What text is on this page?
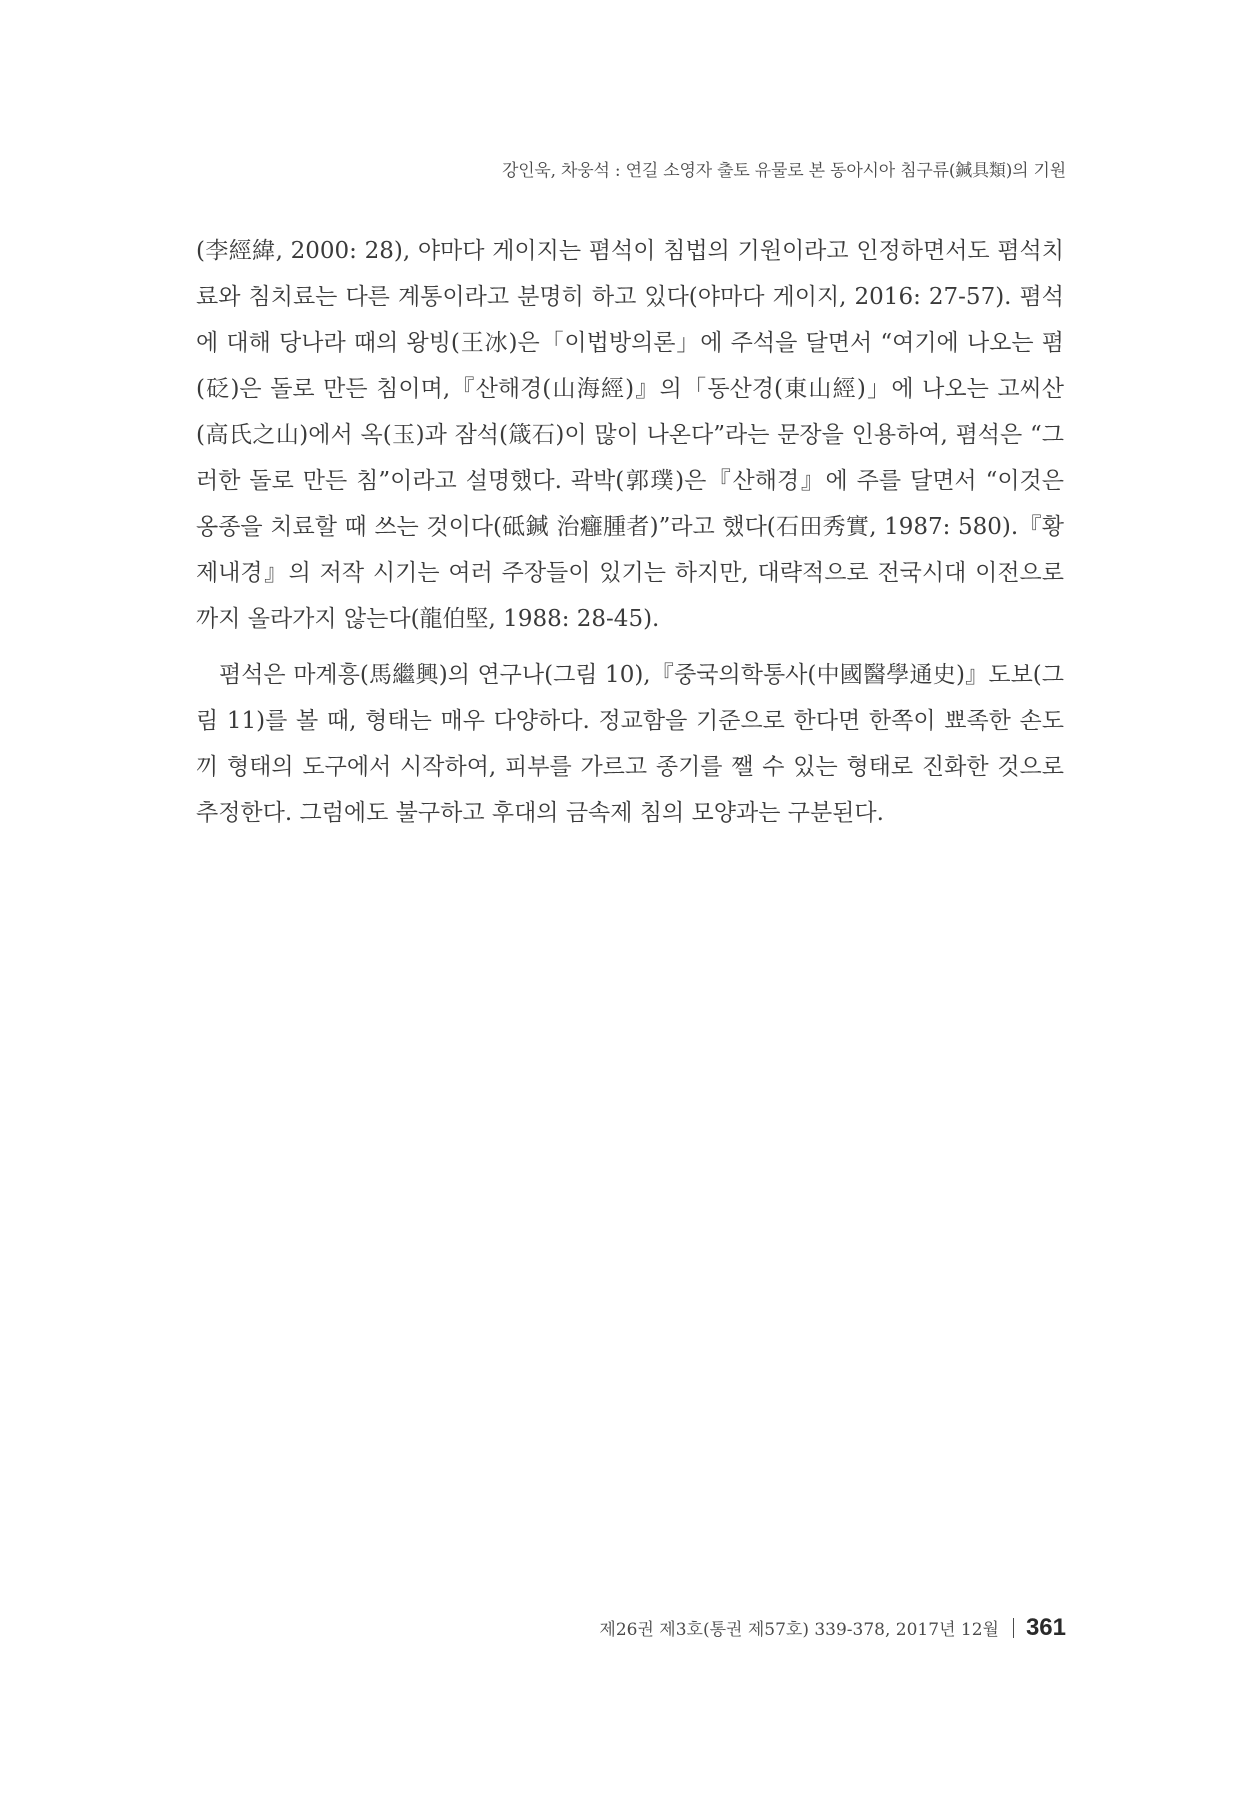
강인욱, 차웅석 : 연길 소영자 출토 유물로 본 동아시아 침구류(鍼具類)의 기원

(李經緯, 2000: 28), 야마다 게이지는 폄석이 침법의 기원이라고 인정하면서도 폄석치료와 침치료는 다른 계통이라고 분명히 하고 있다(야마다 게이지, 2016: 27-57). 폄석에 대해 당나라 때의 왕빙(王冰)은「이법방의론」에 주석을 달면서 “여기에 나오는 폄(砭)은 돌로 만든 침이며,『산해경(山海經)』의「동산경(東山經)」에 나오는 고씨산(高氏之山)에서 옥(玉)과 잠석(箴石)이 많이 나온다”라는 문장을 인용하여, 폄석은 “그러한 돌로 만든 침”이라고 설명했다. 곽박(郭璞)은『산해경』에 주를 달면서 “이것은 옹종을 치료할 때 쓰는 것이다(砥鍼 治癰腫者)”라고 했다(石田秀實, 1987: 580).『황제내경』의 저작 시기는 여러 주장들이 있기는 하지만, 대략적으로 전국시대 이전으로까지 올라가지 않는다(龍伯堅, 1988: 28-45).

폄석은 마계흥(馬繼興)의 연구나(그림 10),『중국의학통사(中國醫學通史)』도보(그림 11)를 볼 때, 형태는 매우 다양하다. 정교함을 기준으로 한다면 한쪽이 뾰족한 손도끼 형태의 도구에서 시작하여, 피부를 가르고 종기를 쨀 수 있는 형태로 진화한 것으로 추정한다. 그럼에도 불구하고 후대의 금속제 침의 모양과는 구분된다.

제26권 제3호(통권 제57호) 339-378, 2017년 12월 361
